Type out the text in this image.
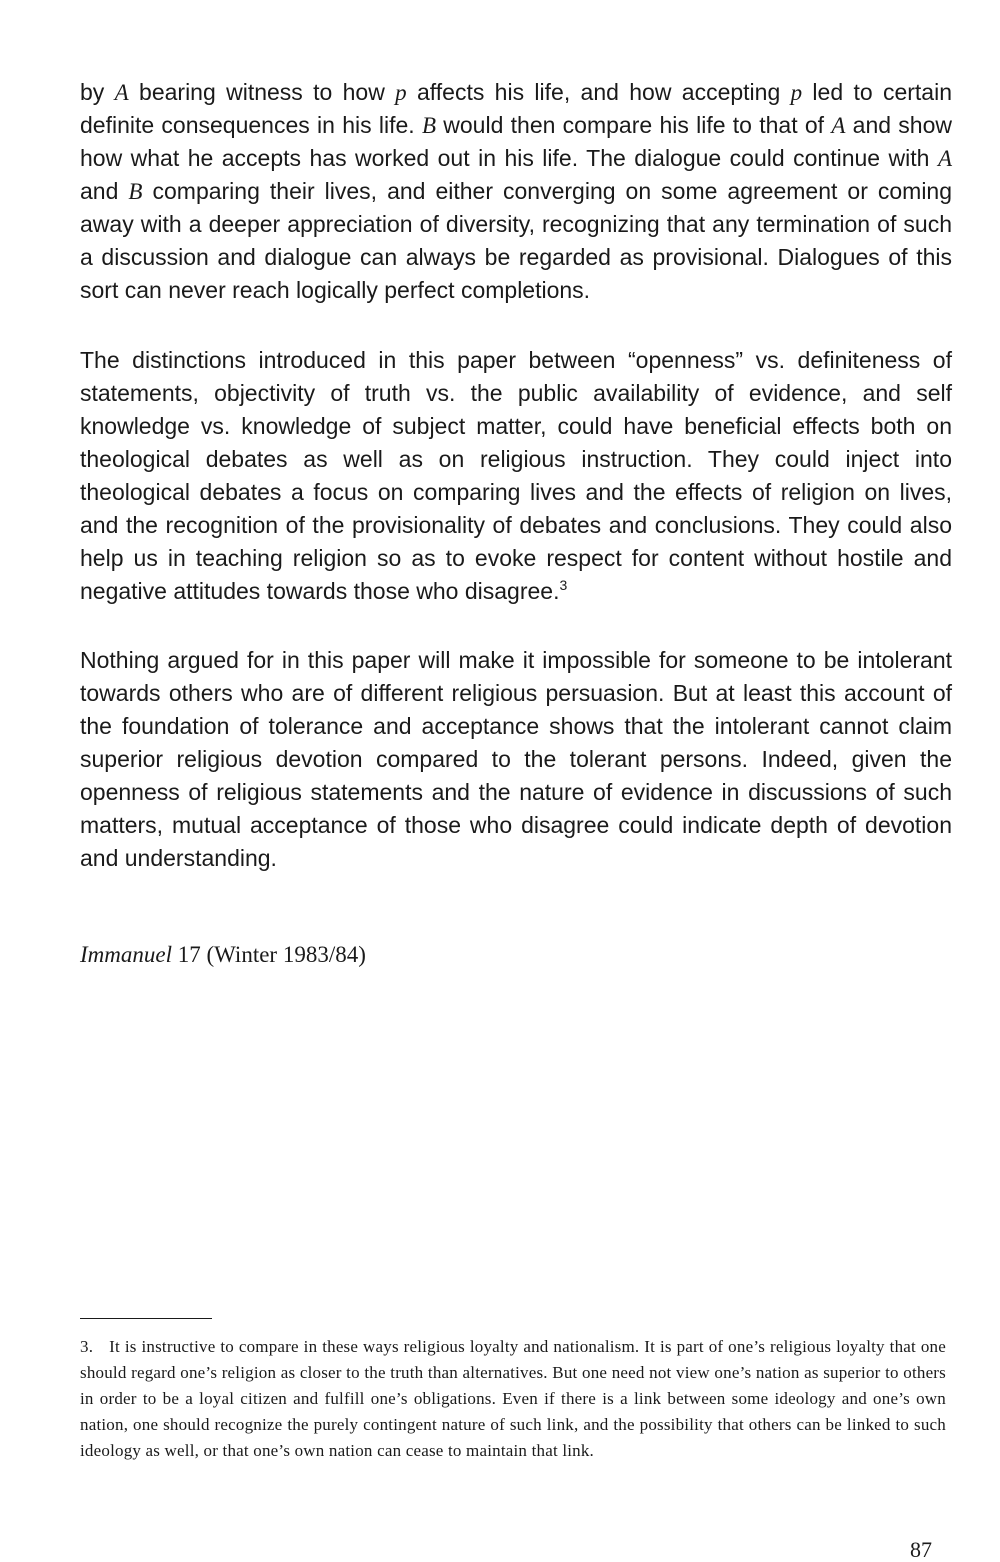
by A bearing witness to how p affects his life, and how accepting p led to certain definite consequences in his life. B would then compare his life to that of A and show how what he accepts has worked out in his life. The dialogue could continue with A and B comparing their lives, and either converging on some agreement or coming away with a deeper appreciation of diversity, recognizing that any termination of such a discussion and dialogue can always be regarded as provisional. Dialogues of this sort can never reach logically perfect completions.

The distinctions introduced in this paper between “openness” vs. definiteness of statements, objectivity of truth vs. the public availability of evidence, and self knowledge vs. knowledge of subject matter, could have beneficial effects both on theological debates as well as on religious instruction. They could inject into theological debates a focus on comparing lives and the effects of religion on lives, and the recognition of the provisionality of debates and conclusions. They could also help us in teaching religion so as to evoke respect for content without hostile and negative attitudes towards those who disagree.$^3$

Nothing argued for in this paper will make it impossible for someone to be intolerant towards others who are of different religious persuasion. But at least this account of the foundation of tolerance and acceptance shows that the intolerant cannot claim superior religious devotion compared to the tolerant persons. Indeed, given the openness of religious statements and the nature of evidence in discussions of such matters, mutual acceptance of those who disagree could indicate depth of devotion and understanding.

Immanuel 17 (Winter 1983/84)

3. It is instructive to compare in these ways religious loyalty and nationalism. It is part of one’s religious loyalty that one should regard one’s religion as closer to the truth than alternatives. But one need not view one’s nation as superior to others in order to be a loyal citizen and fulfill one’s obligations. Even if there is a link between some ideology and one’s own nation, one should recognize the purely contingent nature of such link, and the possibility that others can be linked to such ideology as well, or that one’s own nation can cease to maintain that link.

87
